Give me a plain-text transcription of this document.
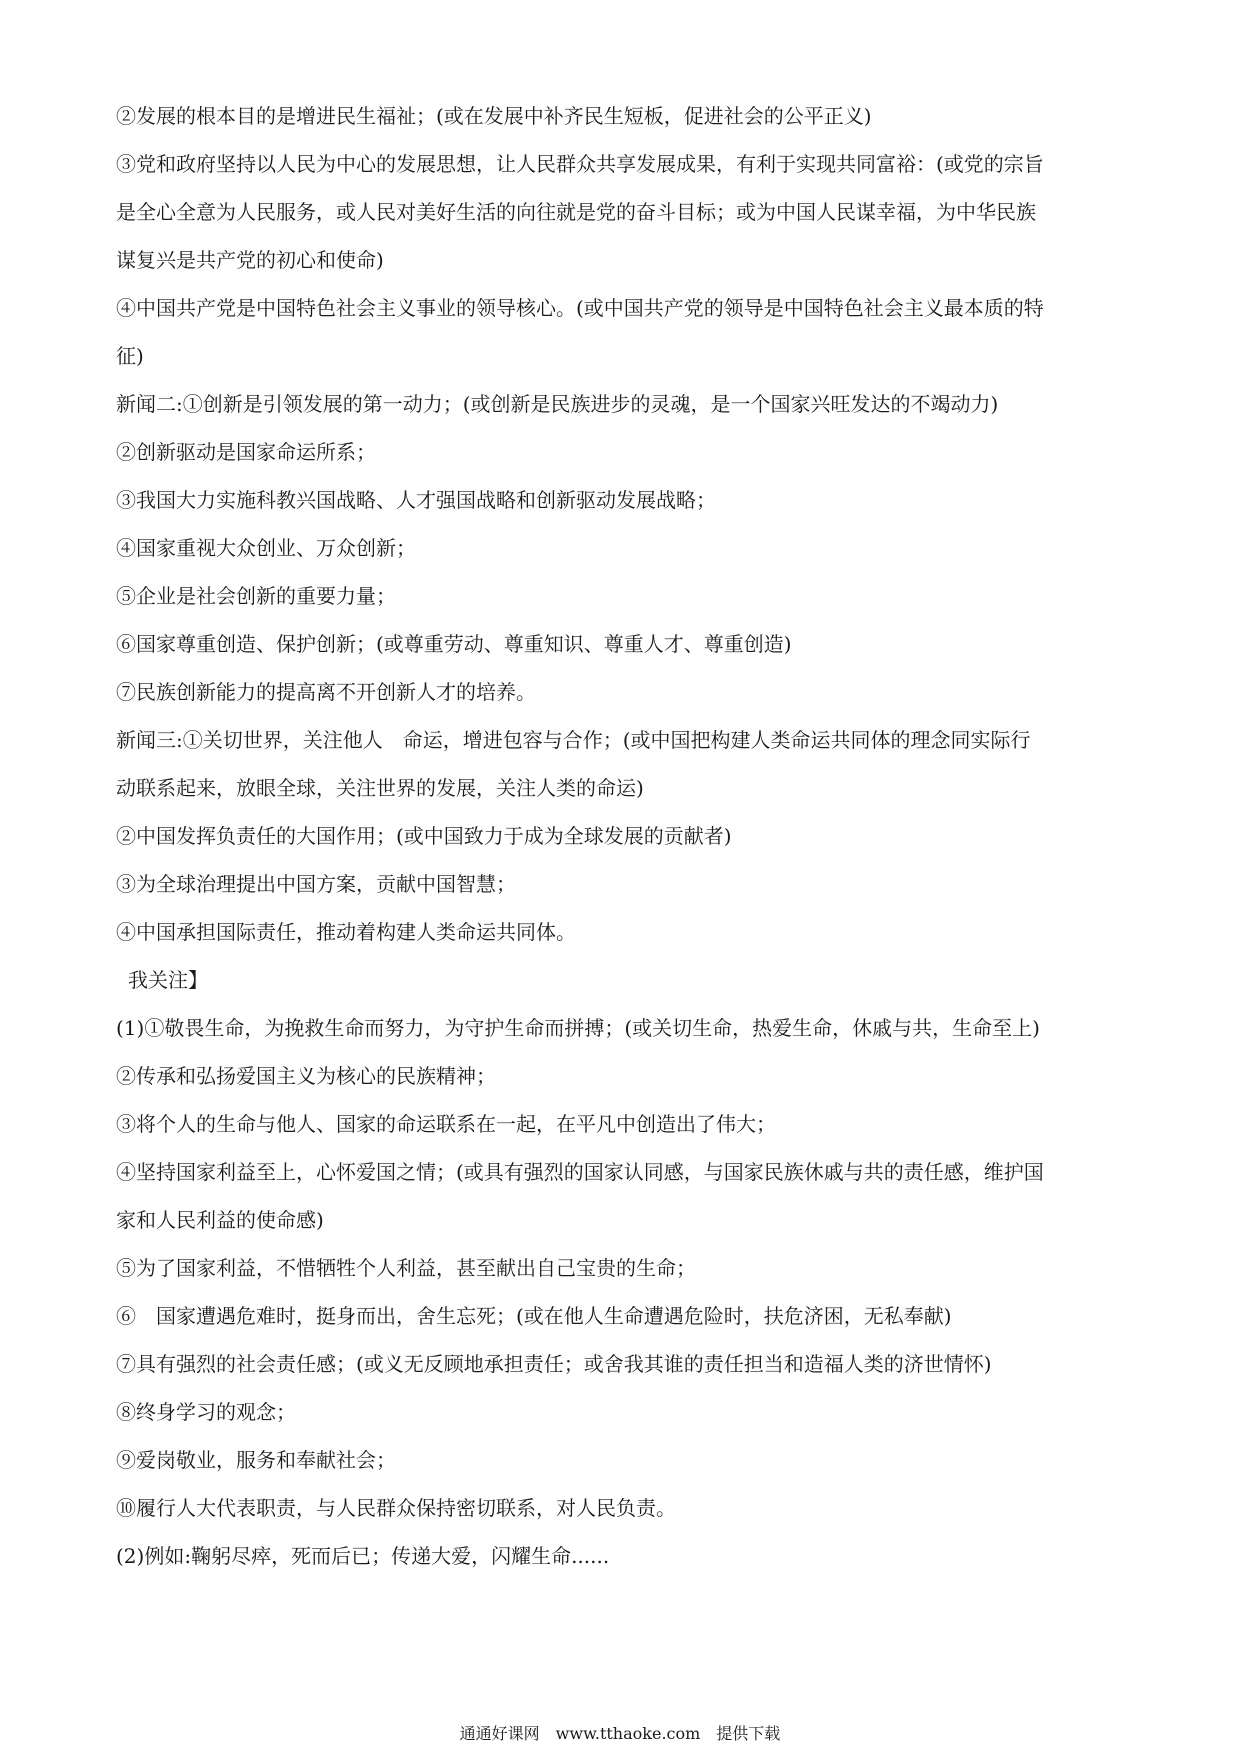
②发展的根本目的是增进民生福祉；(或在发展中补齐民生短板，促进社会的公平正义)
③党和政府坚持以人民为中心的发展思想，让人民群众共享发展成果，有利于实现共同富裕：(或党的宗旨
是全心全意为人民服务，或人民对美好生活的向往就是党的奋斗目标；或为中国人民谋幸福，为中华民族
谋复兴是共产党的初心和使命)
④中国共产党是中国特色社会主义事业的领导核心。(或中国共产党的领导是中国特色社会主义最本质的特
征)
新闻二:①创新是引领发展的第一动力；(或创新是民族进步的灵魂，是一个国家兴旺发达的不竭动力)
②创新驱动是国家命运所系；
③我国大力实施科教兴国战略、人才强国战略和创新驱动发展战略；
④国家重视大众创业、万众创新；
⑤企业是社会创新的重要力量；
⑥国家尊重创造、保护创新；(或尊重劳动、尊重知识、尊重人才、尊重创造)
⑦民族创新能力的提高离不开创新人才的培养。
新闻三:①关切世界，关注他人　命运，增进包容与合作；(或中国把构建人类命运共同体的理念同实际行
动联系起来，放眼全球，关注世界的发展，关注人类的命运)
②中国发挥负责任的大国作用；(或中国致力于成为全球发展的贡献者)
③为全球治理提出中国方案，贡献中国智慧；
④中国承担国际责任，推动着构建人类命运共同体。
我关注】
(1)①敬畏生命，为挽救生命而努力，为守护生命而拼搏；(或关切生命，热爱生命，休戚与共，生命至上)
②传承和弘扬爱国主义为核心的民族精神；
③将个人的生命与他人、国家的命运联系在一起，在平凡中创造出了伟大；
④坚持国家利益至上，心怀爱国之情；(或具有强烈的国家认同感，与国家民族休戚与共的责任感，维护国
家和人民利益的使命感)
⑤为了国家利益，不惜牺牲个人利益，甚至献出自己宝贵的生命；
⑥　国家遭遇危难时，挺身而出，舍生忘死；(或在他人生命遭遇危险时，扶危济困，无私奉献)
⑦具有强烈的社会责任感；(或义无反顾地承担责任；或舍我其谁的责任担当和造福人类的济世情怀)
⑧终身学习的观念；
⑨爱岗敬业，服务和奉献社会；
⑩履行人大代表职责，与人民群众保持密切联系，对人民负责。
(2)例如:鞠躬尽瘁，死而后已；传递大爱，闪耀生命......
通通好课网　www.tthaoke.com　提供下载
